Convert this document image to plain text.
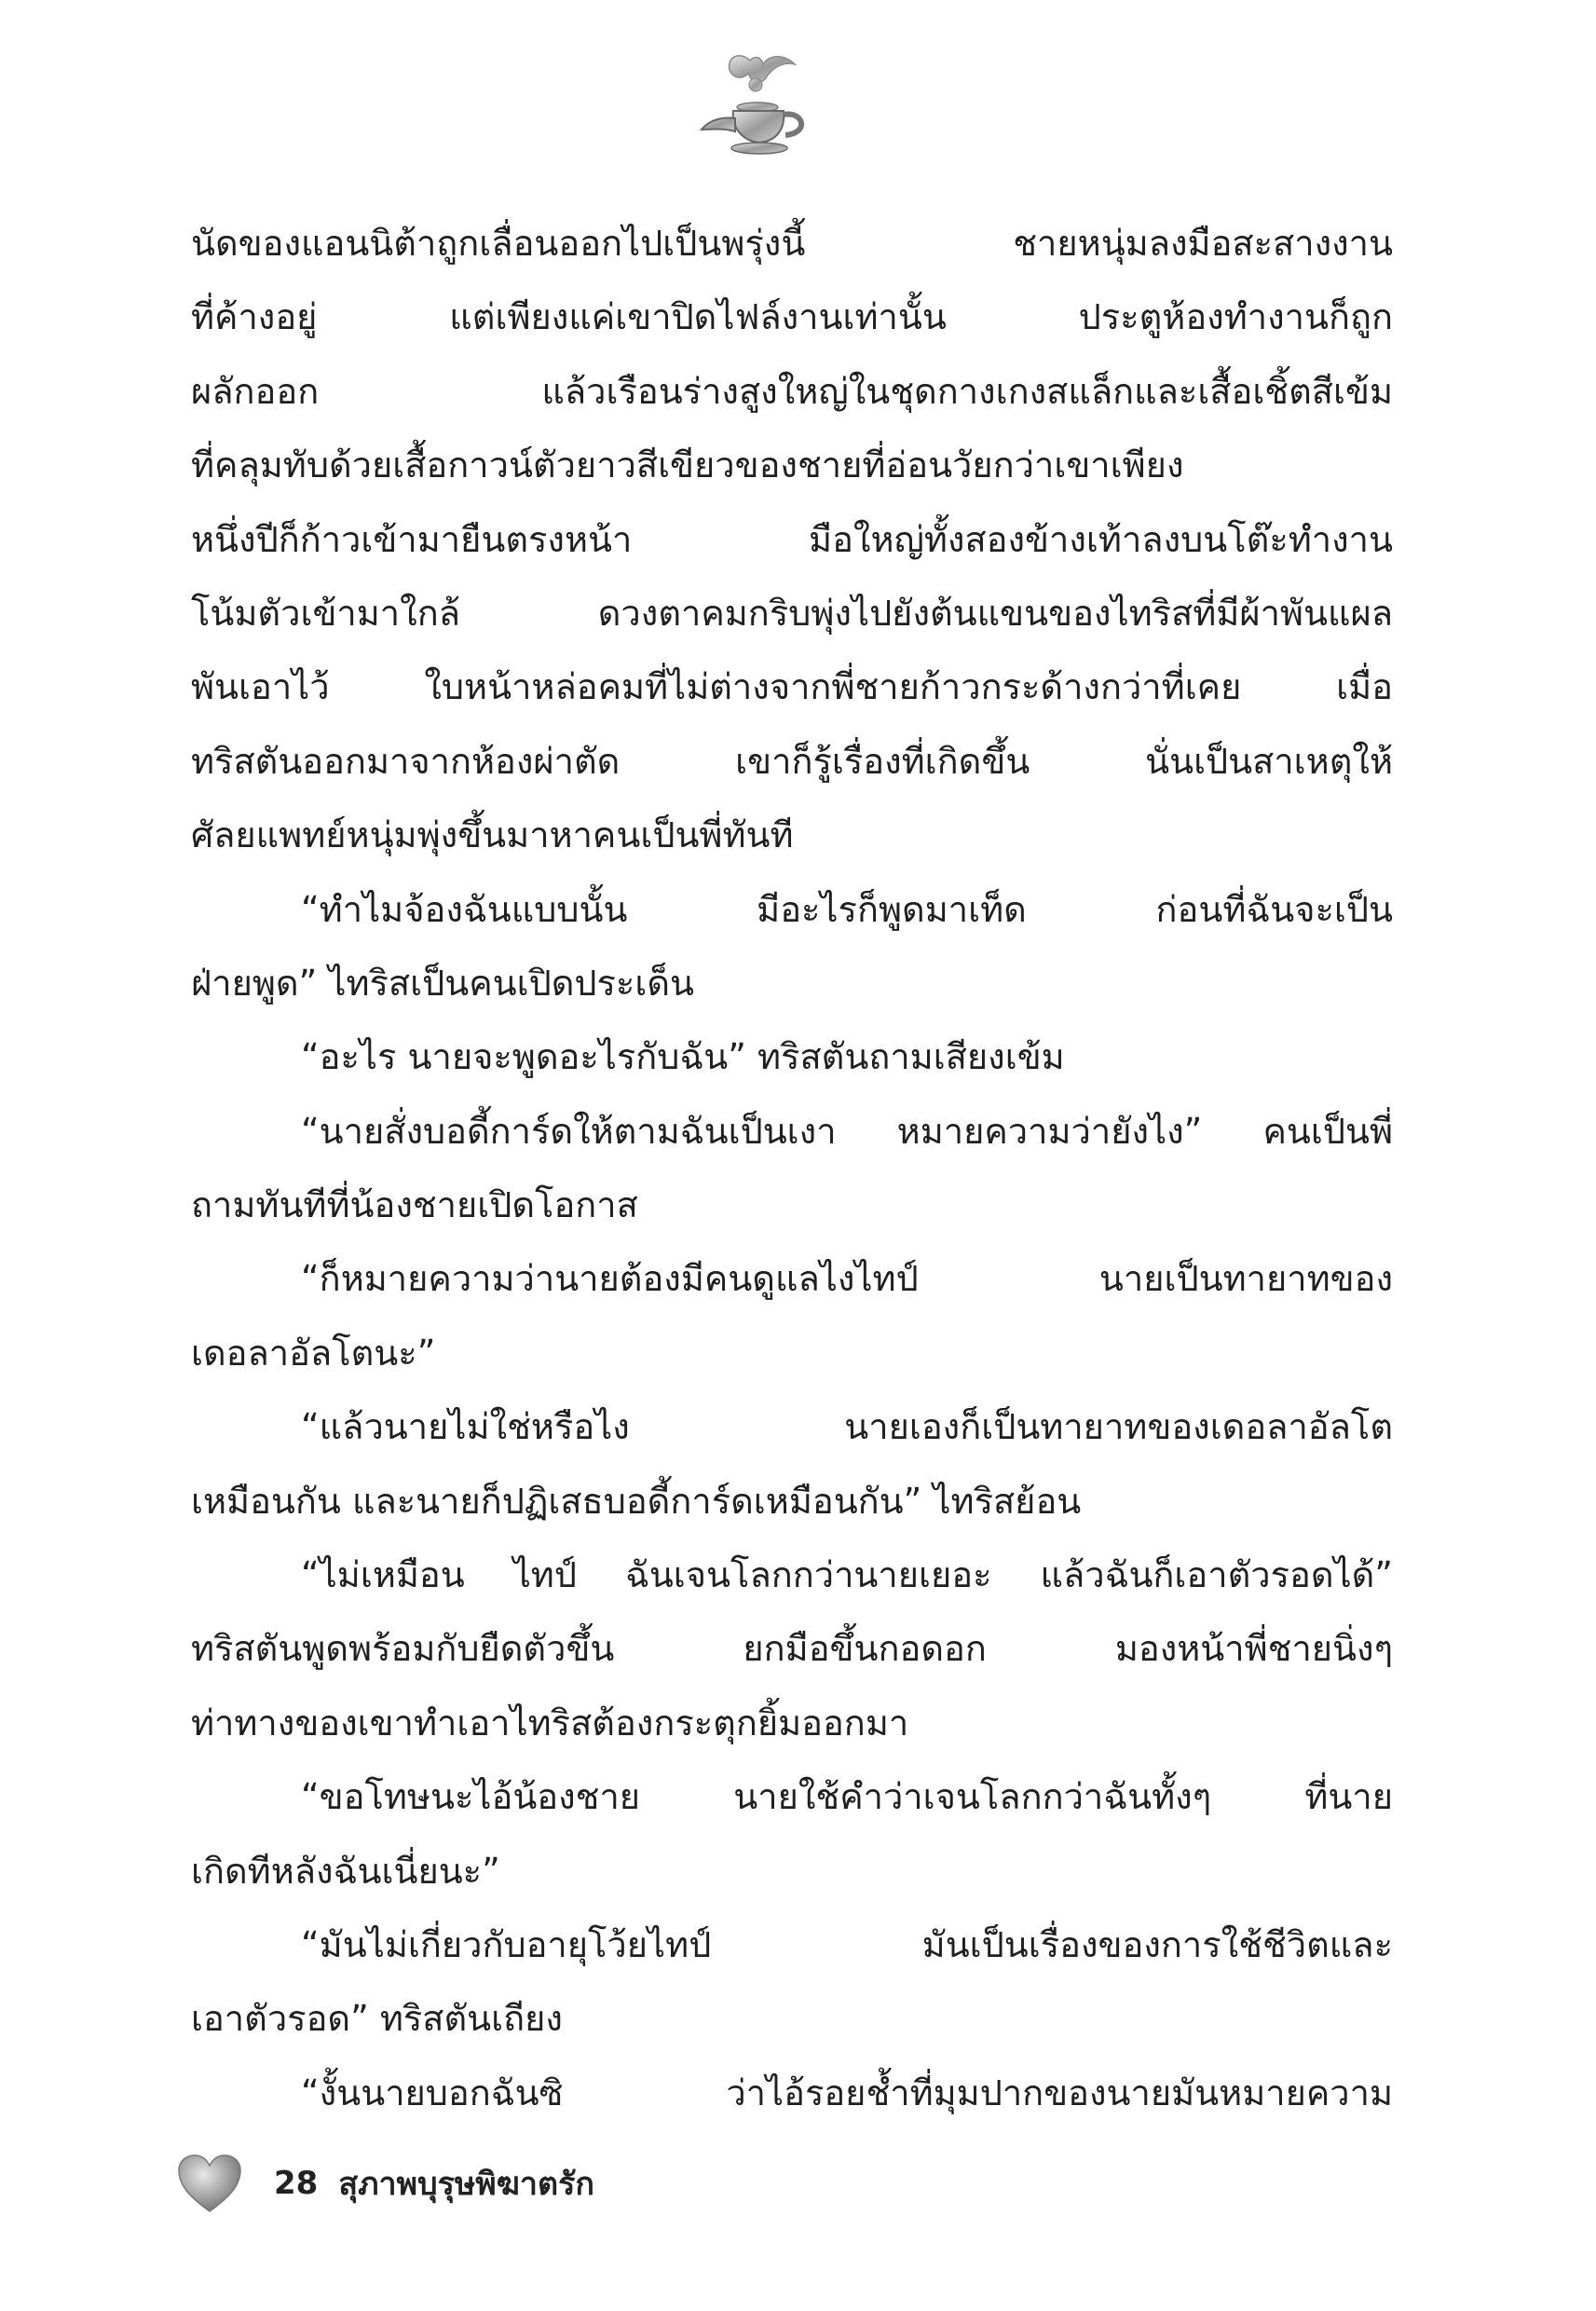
นัดของแอนนิต้าถูกเลื่อนออกไปเป็นพรุ่งนี้ ชายหนุ่มลงมือสะสางงาน
ที่ค้างอยู่ แต่เพียงแค่เขาปิดไฟล์งานเท่านั้น ประตูห้องทำงานก็ถูก
ผลักออก แล้วเรือนร่างสูงใหญ่ในชุดกางเกงสแล็กและเสื้อเชิ้ตสีเข้ม
ที่คลุมทับด้วยเสื้อกาวน์ตัวยาวสีเขียวของชายที่อ่อนวัยกว่าเขาเพียง
หนึ่งปีก็ก้าวเข้ามายืนตรงหน้า มือใหญ่ทั้งสองข้างเท้าลงบนโต๊ะทำงาน
โน้มตัวเข้ามาใกล้ ดวงตาคมกริบพุ่งไปยังต้นแขนของไทริสที่มีผ้าพันแผล
พันเอาไว้ ใบหน้าหล่อคมที่ไม่ต่างจากพี่ชายก้าวกระด้างกว่าที่เคย เมื่อ
ทริสตันออกมาจากห้องผ่าตัด เขาก็รู้เรื่องที่เกิดขึ้น นั่นเป็นสาเหตุให้
ศัลยแพทย์หนุ่มพุ่งขึ้นมาหาคนเป็นพี่ทันที
“ทำไมจ้องฉันแบบนั้น มีอะไรก็พูดมาเท็ด ก่อนที่ฉันจะเป็น
ฝ่ายพูด” ไทริสเป็นคนเปิดประเด็น
“อะไร นายจะพูดอะไรกับฉัน” ทริสตันถามเสียงเข้ม
“นายสั่งบอดี้การ์ดให้ตามฉันเป็นเงา หมายความว่ายังไง” คนเป็นพี่
ถามทันทีที่น้องชายเปิดโอกาส
“ก็หมายความว่านายต้องมีคนดูแลไงไทป์ นายเป็นทายาทของ
เดอลาอัลโตนะ”
“แล้วนายไม่ใช่หรือไง นายเองก็เป็นทายาทของเดอลาอัลโต
เหมือนกัน และนายก็ปฏิเสธบอดี้การ์ดเหมือนกัน” ไทริสย้อน
“ไม่เหมือน ไทป์ ฉันเจนโลกกว่านายเยอะ แล้วฉันก็เอาตัวรอดได้”
ทริสตันพูดพร้อมกับยืดตัวขึ้น ยกมือขึ้นกอดอก มองหน้าพี่ชายนิ่งๆ
ท่าทางของเขาทำเอาไทริสต้องกระตุกยิ้มออกมา
“ขอโทษนะไอ้น้องชาย นายใช้คำว่าเจนโลกกว่าฉันทั้งๆ ที่นาย
เกิดทีหลังฉันเนี่ยนะ”
“มันไม่เกี่ยวกับอายุโว้ยไทป์ มันเป็นเรื่องของการใช้ชีวิตและ
เอาตัวรอด” ทริสตันเถียง
“งั้นนายบอกฉันซิ ว่าไอ้รอยช้ำที่มุมปากของนายมันหมายความ
28 สุภาพบุรุษพิฆาตรัก
